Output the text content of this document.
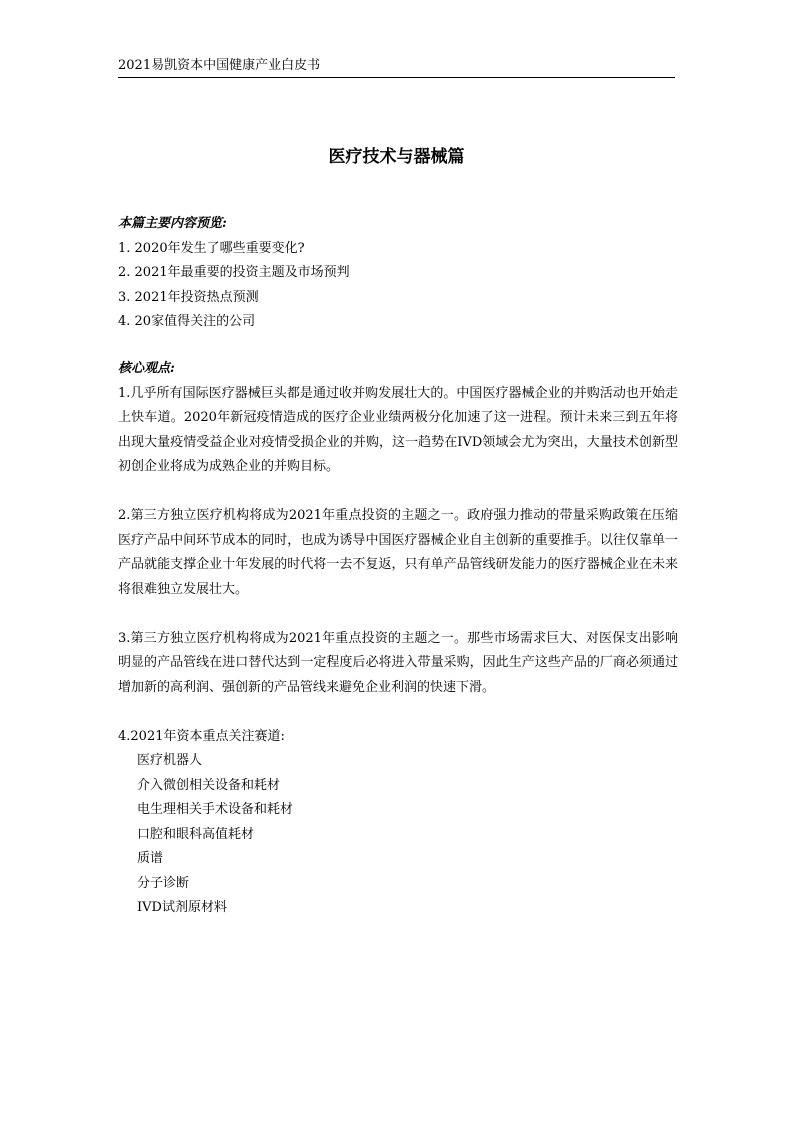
2021易凯资本中国健康产业白皮书
医疗技术与器械篇
本篇主要内容预览:
1. 2020年发生了哪些重要变化?
2. 2021年最重要的投资主题及市场预判
3. 2021年投资热点预测
4. 20家值得关注的公司
核心观点:

1.几乎所有国际医疗器械巨头都是通过收并购发展壮大的。中国医疗器械企业的并购活动也开始走上快车道。2020年新冠疫情造成的医疗企业业绩两极分化加速了这一进程。预计未来三到五年将出现大量疫情受益企业对疫情受损企业的并购，这一趋势在IVD领域会尤为突出，大量技术创新型初创企业将成为成熟企业的并购目标。

2.第三方独立医疗机构将成为2021年重点投资的主题之一。政府强力推动的带量采购政策在压缩医疗产品中间环节成本的同时，也成为诱导中国医疗器械企业自主创新的重要推手。以往仅靠单一产品就能支撑企业十年发展的时代将一去不复返，只有单产品管线研发能力的医疗器械企业在未来将很难独立发展壮大。

3.第三方独立医疗机构将成为2021年重点投资的主题之一。那些市场需求巨大、对医保支出影响明显的产品管线在进口替代达到一定程度后必将进入带量采购，因此生产这些产品的厂商必须通过增加新的高利润、强创新的产品管线来避免企业利润的快速下滑。

4.2021年资本重点关注赛道:
医疗机器人
介入微创相关设备和耗材
电生理相关手术设备和耗材
口腔和眼科高值耗材
质谱
分子诊断
IVD试剂原材料
